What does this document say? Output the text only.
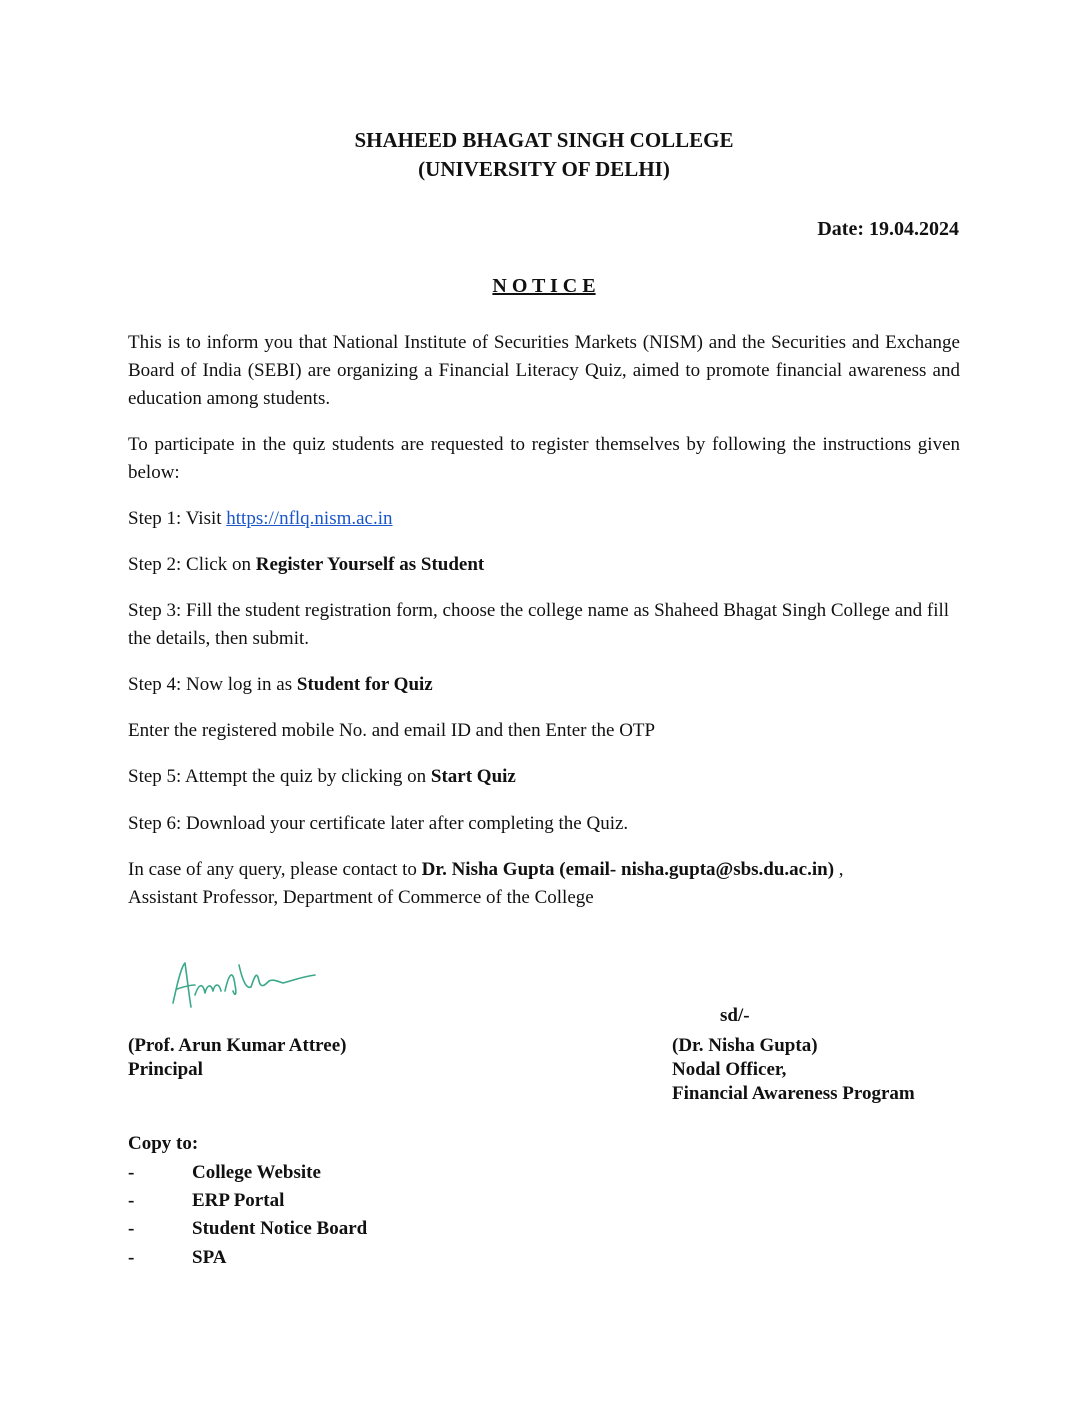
SHAHEED BHAGAT SINGH COLLEGE
(UNIVERSITY OF DELHI)
Date: 19.04.2024
N O T I C E
This is to inform you that National Institute of Securities Markets (NISM) and the Securities and Exchange Board of India (SEBI) are organizing a Financial Literacy Quiz, aimed to promote financial awareness and education among students.
To participate in the quiz students are requested to register themselves by following the instructions given below:
Step 1: Visit https://nflq.nism.ac.in
Step 2: Click on Register Yourself as Student
Step 3: Fill the student registration form, choose the college name as Shaheed Bhagat Singh College and fill the details, then submit.
Step 4: Now log in as Student for Quiz
Enter the registered mobile No. and email ID and then Enter the OTP
Step 5: Attempt the quiz by clicking on Start Quiz
Step 6: Download your certificate later after completing the Quiz.
In case of any query, please contact to Dr. Nisha Gupta (email- nisha.gupta@sbs.du.ac.in) ,
Assistant Professor, Department of Commerce of the College
sd/-
(Prof. Arun Kumar Attree)
Principal
(Dr. Nisha Gupta)
Nodal Officer,
Financial Awareness Program
Copy to:
-	College Website
-	ERP Portal
-	Student Notice Board
-	SPA
